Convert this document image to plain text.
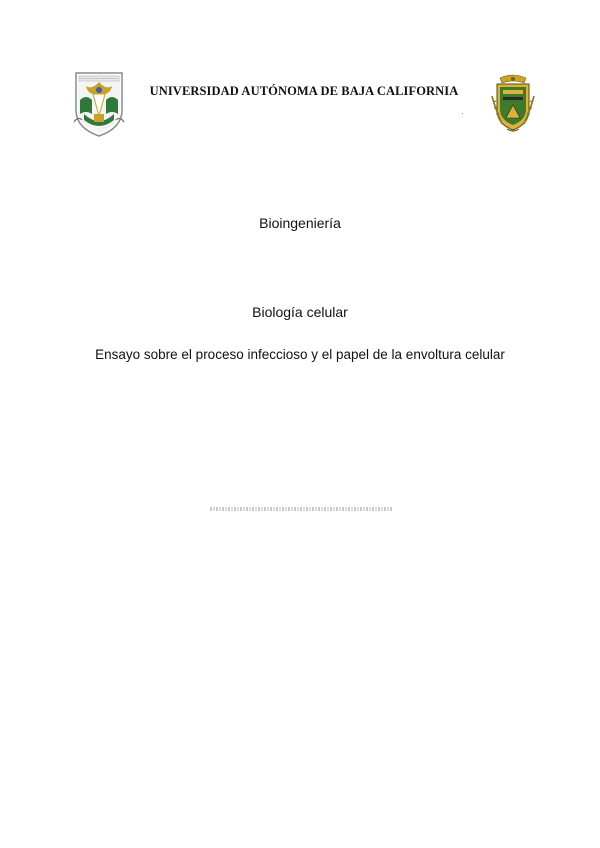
UNIVERSIDAD AUTÓNOMA DE BAJA CALIFORNIA
Bioingeniería
Biología celular
Ensayo sobre el proceso infeccioso y el papel de la envoltura celular
